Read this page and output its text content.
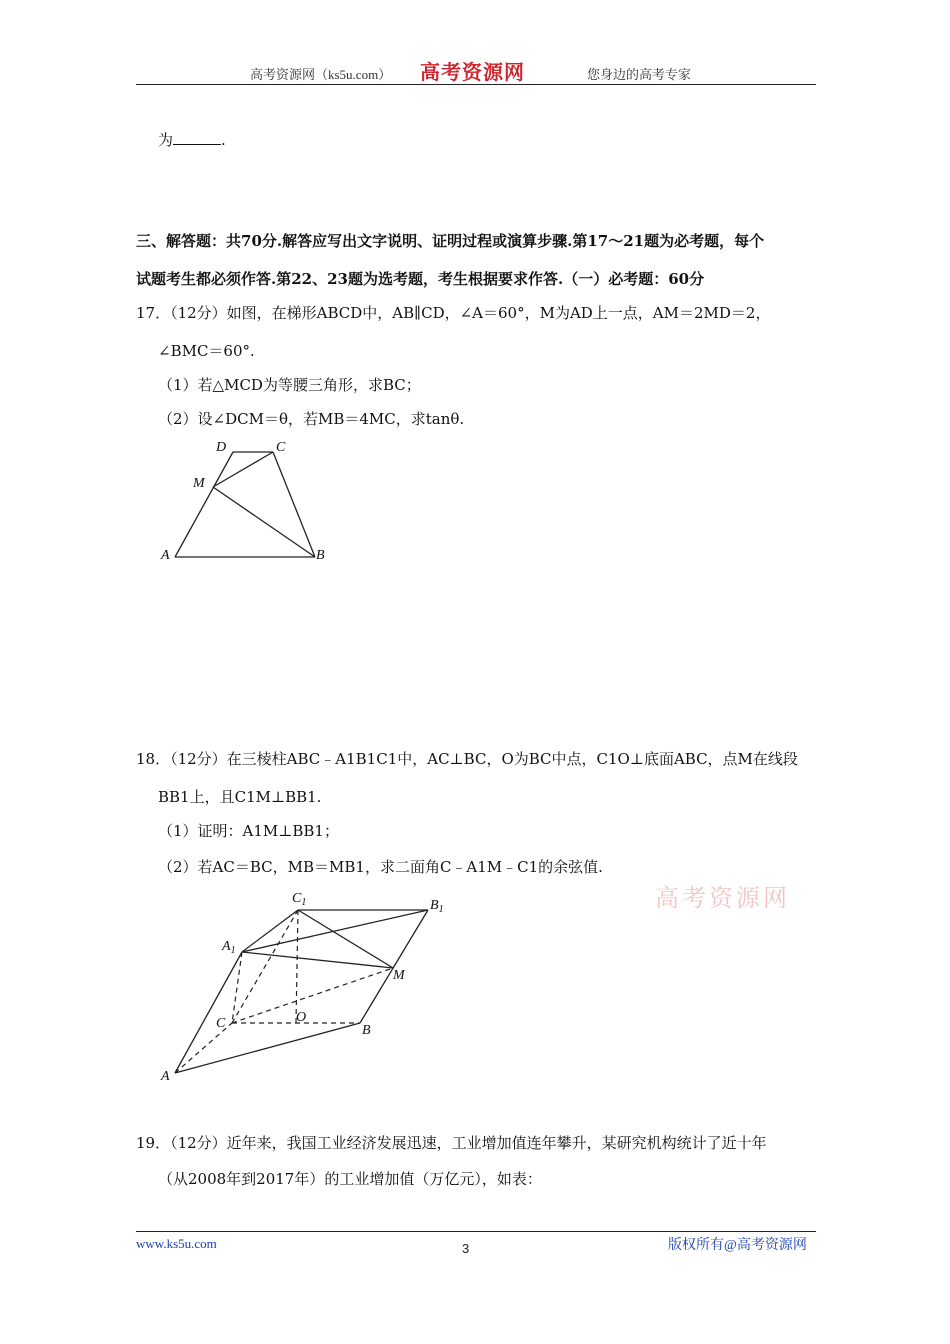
高考资源网（ks5u.com） 高考资源网	您身边的高考专家
为	.
三、解答题：共70分.解答应写出文字说明、证明过程或演算步骤.第17～21题为必考题，每个
试题考生都必须作答.第22、23题为选考题，考生根据要求作答.（一）必考题：60分
17．（12分）如图，在梯形ABCD中，AB∥CD，∠A＝60°，M为AD上一点，AM＝2MD＝2，
∠BMC＝60°.
（1）若△MCD为等腰三角形，求BC；
（2）设∠DCM＝θ，若MB＝4MC，求tanθ.
D	C
M
A	B
18．（12分）在三棱柱ABC﹣A1B1C1中，AC⊥BC，O为BC中点，C1O⊥底面ABC，点M在线段
BB1上，且C1M⊥BB1.
（1）证明：A1M⊥BB1；
（2）若AC＝BC，MB＝MB1，求二面角C﹣A1M﹣C1的余弦值.
$C_1$	$B_1$
$A_1$
M
C	O
B
A
高考资源网
19．（12分）近年来，我国工业经济发展迅速，工业增加值连年攀升，某研究机构统计了近十年
（从2008年到2017年）的工业增加值（万亿元），如表：
www.ks5u.com	3	版权所有@高考资源网
